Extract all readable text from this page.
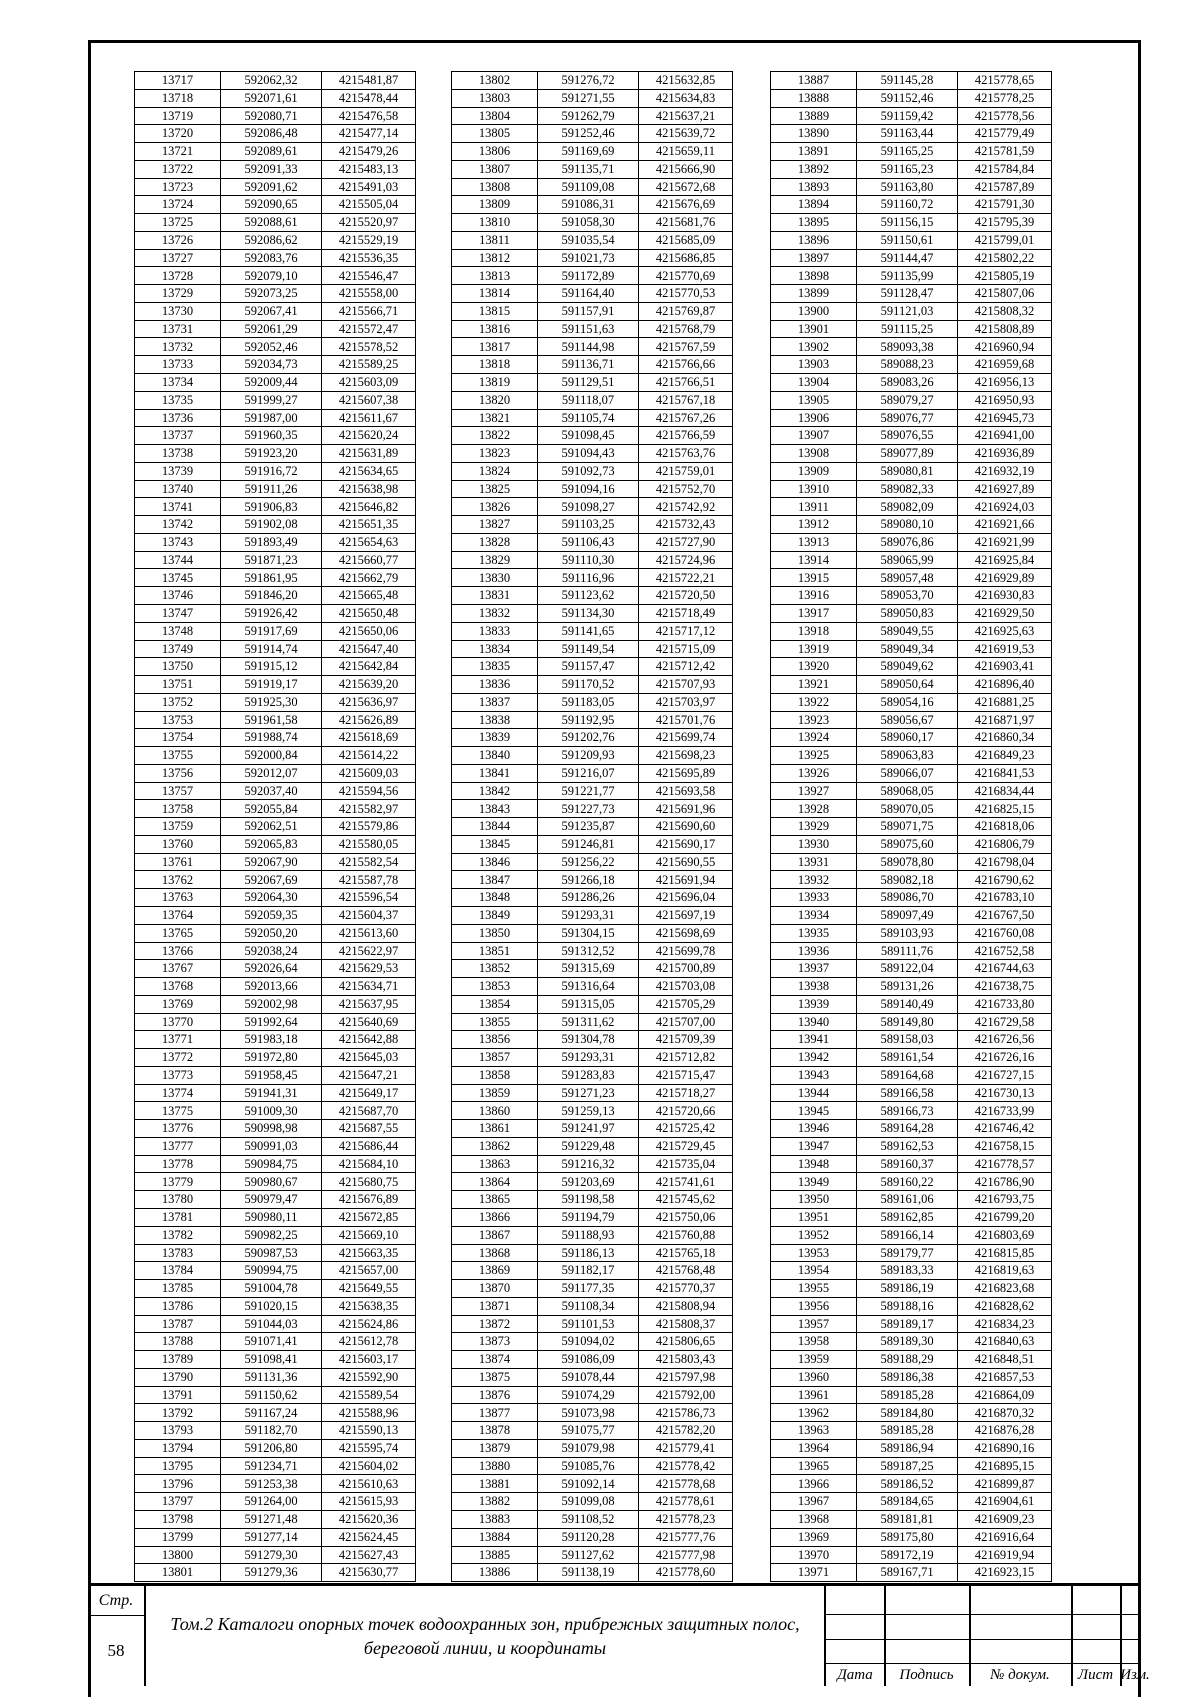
13717	592062,32	4215481,87
13718	592071,61	4215478,44
13719	592080,71	4215476,58
13720	592086,48	4215477,14
13721	592089,61	4215479,26
13722	592091,33	4215483,13
13723	592091,62	4215491,03
13724	592090,65	4215505,04
13725	592088,61	4215520,97
13726	592086,62	4215529,19
13727	592083,76	4215536,35
13728	592079,10	4215546,47
13729	592073,25	4215558,00
13730	592067,41	4215566,71
13731	592061,29	4215572,47
13732	592052,46	4215578,52
13733	592034,73	4215589,25
13734	592009,44	4215603,09
13735	591999,27	4215607,38
13736	591987,00	4215611,67
13737	591960,35	4215620,24
13738	591923,20	4215631,89
13739	591916,72	4215634,65
13740	591911,26	4215638,98
13741	591906,83	4215646,82
13742	591902,08	4215651,35
13743	591893,49	4215654,63
13744	591871,23	4215660,77
13745	591861,95	4215662,79
13746	591846,20	4215665,48
13747	591926,42	4215650,48
13748	591917,69	4215650,06
13749	591914,74	4215647,40
13750	591915,12	4215642,84
13751	591919,17	4215639,20
13752	591925,30	4215636,97
13753	591961,58	4215626,89
13754	591988,74	4215618,69
13755	592000,84	4215614,22
13756	592012,07	4215609,03
13757	592037,40	4215594,56
13758	592055,84	4215582,97
13759	592062,51	4215579,86
13760	592065,83	4215580,05
13761	592067,90	4215582,54
13762	592067,69	4215587,78
13763	592064,30	4215596,54
13764	592059,35	4215604,37
13765	592050,20	4215613,60
13766	592038,24	4215622,97
13767	592026,64	4215629,53
13768	592013,66	4215634,71
13769	592002,98	4215637,95
13770	591992,64	4215640,69
13771	591983,18	4215642,88
13772	591972,80	4215645,03
13773	591958,45	4215647,21
13774	591941,31	4215649,17
13775	591009,30	4215687,70
13776	590998,98	4215687,55
13777	590991,03	4215686,44
13778	590984,75	4215684,10
13779	590980,67	4215680,75
13780	590979,47	4215676,89
13781	590980,11	4215672,85
13782	590982,25	4215669,10
13783	590987,53	4215663,35
13784	590994,75	4215657,00
13785	591004,78	4215649,55
13786	591020,15	4215638,35
13787	591044,03	4215624,86
13788	591071,41	4215612,78
13789	591098,41	4215603,17
13790	591131,36	4215592,90
13791	591150,62	4215589,54
13792	591167,24	4215588,96
13793	591182,70	4215590,13
13794	591206,80	4215595,74
13795	591234,71	4215604,02
13796	591253,38	4215610,63
13797	591264,00	4215615,93
13798	591271,48	4215620,36
13799	591277,14	4215624,45
13800	591279,30	4215627,43
13801	591279,36	4215630,77
13802	591276,72	4215632,85
13803	591271,55	4215634,83
13804	591262,79	4215637,21
13805	591252,46	4215639,72
13806	591169,69	4215659,11
13807	591135,71	4215666,90
13808	591109,08	4215672,68
13809	591086,31	4215676,69
13810	591058,30	4215681,76
13811	591035,54	4215685,09
13812	591021,73	4215686,85
13813	591172,89	4215770,69
13814	591164,40	4215770,53
13815	591157,91	4215769,87
13816	591151,63	4215768,79
13817	591144,98	4215767,59
13818	591136,71	4215766,66
13819	591129,51	4215766,51
13820	591118,07	4215767,18
13821	591105,74	4215767,26
13822	591098,45	4215766,59
13823	591094,43	4215763,76
13824	591092,73	4215759,01
13825	591094,16	4215752,70
13826	591098,27	4215742,92
13827	591103,25	4215732,43
13828	591106,43	4215727,90
13829	591110,30	4215724,96
13830	591116,96	4215722,21
13831	591123,62	4215720,50
13832	591134,30	4215718,49
13833	591141,65	4215717,12
13834	591149,54	4215715,09
13835	591157,47	4215712,42
13836	591170,52	4215707,93
13837	591183,05	4215703,97
13838	591192,95	4215701,76
13839	591202,76	4215699,74
13840	591209,93	4215698,23
13841	591216,07	4215695,89
13842	591221,77	4215693,58
13843	591227,73	4215691,96
13844	591235,87	4215690,60
13845	591246,81	4215690,17
13846	591256,22	4215690,55
13847	591266,18	4215691,94
13848	591286,26	4215696,04
13849	591293,31	4215697,19
13850	591304,15	4215698,69
13851	591312,52	4215699,78
13852	591315,69	4215700,89
13853	591316,64	4215703,08
13854	591315,05	4215705,29
13855	591311,62	4215707,00
13856	591304,78	4215709,39
13857	591293,31	4215712,82
13858	591283,83	4215715,47
13859	591271,23	4215718,27
13860	591259,13	4215720,66
13861	591241,97	4215725,42
13862	591229,48	4215729,45
13863	591216,32	4215735,04
13864	591203,69	4215741,61
13865	591198,58	4215745,62
13866	591194,79	4215750,06
13867	591188,93	4215760,88
13868	591186,13	4215765,18
13869	591182,17	4215768,48
13870	591177,35	4215770,37
13871	591108,34	4215808,94
13872	591101,53	4215808,37
13873	591094,02	4215806,65
13874	591086,09	4215803,43
13875	591078,44	4215797,98
13876	591074,29	4215792,00
13877	591073,98	4215786,73
13878	591075,77	4215782,20
13879	591079,98	4215779,41
13880	591085,76	4215778,42
13881	591092,14	4215778,68
13882	591099,08	4215778,61
13883	591108,52	4215778,23
13884	591120,28	4215777,76
13885	591127,62	4215777,98
13886	591138,19	4215778,60
13887	591145,28	4215778,65
13888	591152,46	4215778,25
13889	591159,42	4215778,56
13890	591163,44	4215779,49
13891	591165,25	4215781,59
13892	591165,23	4215784,84
13893	591163,80	4215787,89
13894	591160,72	4215791,30
13895	591156,15	4215795,39
13896	591150,61	4215799,01
13897	591144,47	4215802,22
13898	591135,99	4215805,19
13899	591128,47	4215807,06
13900	591121,03	4215808,32
13901	591115,25	4215808,89
13902	589093,38	4216960,94
13903	589088,23	4216959,68
13904	589083,26	4216956,13
13905	589079,27	4216950,93
13906	589076,77	4216945,73
13907	589076,55	4216941,00
13908	589077,89	4216936,89
13909	589080,81	4216932,19
13910	589082,33	4216927,89
13911	589082,09	4216924,03
13912	589080,10	4216921,66
13913	589076,86	4216921,99
13914	589065,99	4216925,84
13915	589057,48	4216929,89
13916	589053,70	4216930,83
13917	589050,83	4216929,50
13918	589049,55	4216925,63
13919	589049,34	4216919,53
13920	589049,62	4216903,41
13921	589050,64	4216896,40
13922	589054,16	4216881,25
13923	589056,67	4216871,97
13924	589060,17	4216860,34
13925	589063,83	4216849,23
13926	589066,07	4216841,53
13927	589068,05	4216834,44
13928	589070,05	4216825,15
13929	589071,75	4216818,06
13930	589075,60	4216806,79
13931	589078,80	4216798,04
13932	589082,18	4216790,62
13933	589086,70	4216783,10
13934	589097,49	4216767,50
13935	589103,93	4216760,08
13936	589111,76	4216752,58
13937	589122,04	4216744,63
13938	589131,26	4216738,75
13939	589140,49	4216733,80
13940	589149,80	4216729,58
13941	589158,03	4216726,56
13942	589161,54	4216726,16
13943	589164,68	4216727,15
13944	589166,58	4216730,13
13945	589166,73	4216733,99
13946	589164,28	4216746,42
13947	589162,53	4216758,15
13948	589160,37	4216778,57
13949	589160,22	4216786,90
13950	589161,06	4216793,75
13951	589162,85	4216799,20
13952	589166,14	4216803,69
13953	589179,77	4216815,85
13954	589183,33	4216819,63
13955	589186,19	4216823,68
13956	589188,16	4216828,62
13957	589189,17	4216834,23
13958	589189,30	4216840,63
13959	589188,29	4216848,51
13960	589186,38	4216857,53
13961	589185,28	4216864,09
13962	589184,80	4216870,32
13963	589185,28	4216876,28
13964	589186,94	4216890,16
13965	589187,25	4216895,15
13966	589186,52	4216899,87
13967	589184,65	4216904,61
13968	589181,81	4216909,23
13969	589175,80	4216916,64
13970	589172,19	4216919,94
13971	589167,71	4216923,15
Стр.
58
Том.2 Каталоги опорных точек водоохранных зон, прибрежных защитных полос, береговой линии, и координаты
Дата	Подпись	№ докум.	Лист Изм.
